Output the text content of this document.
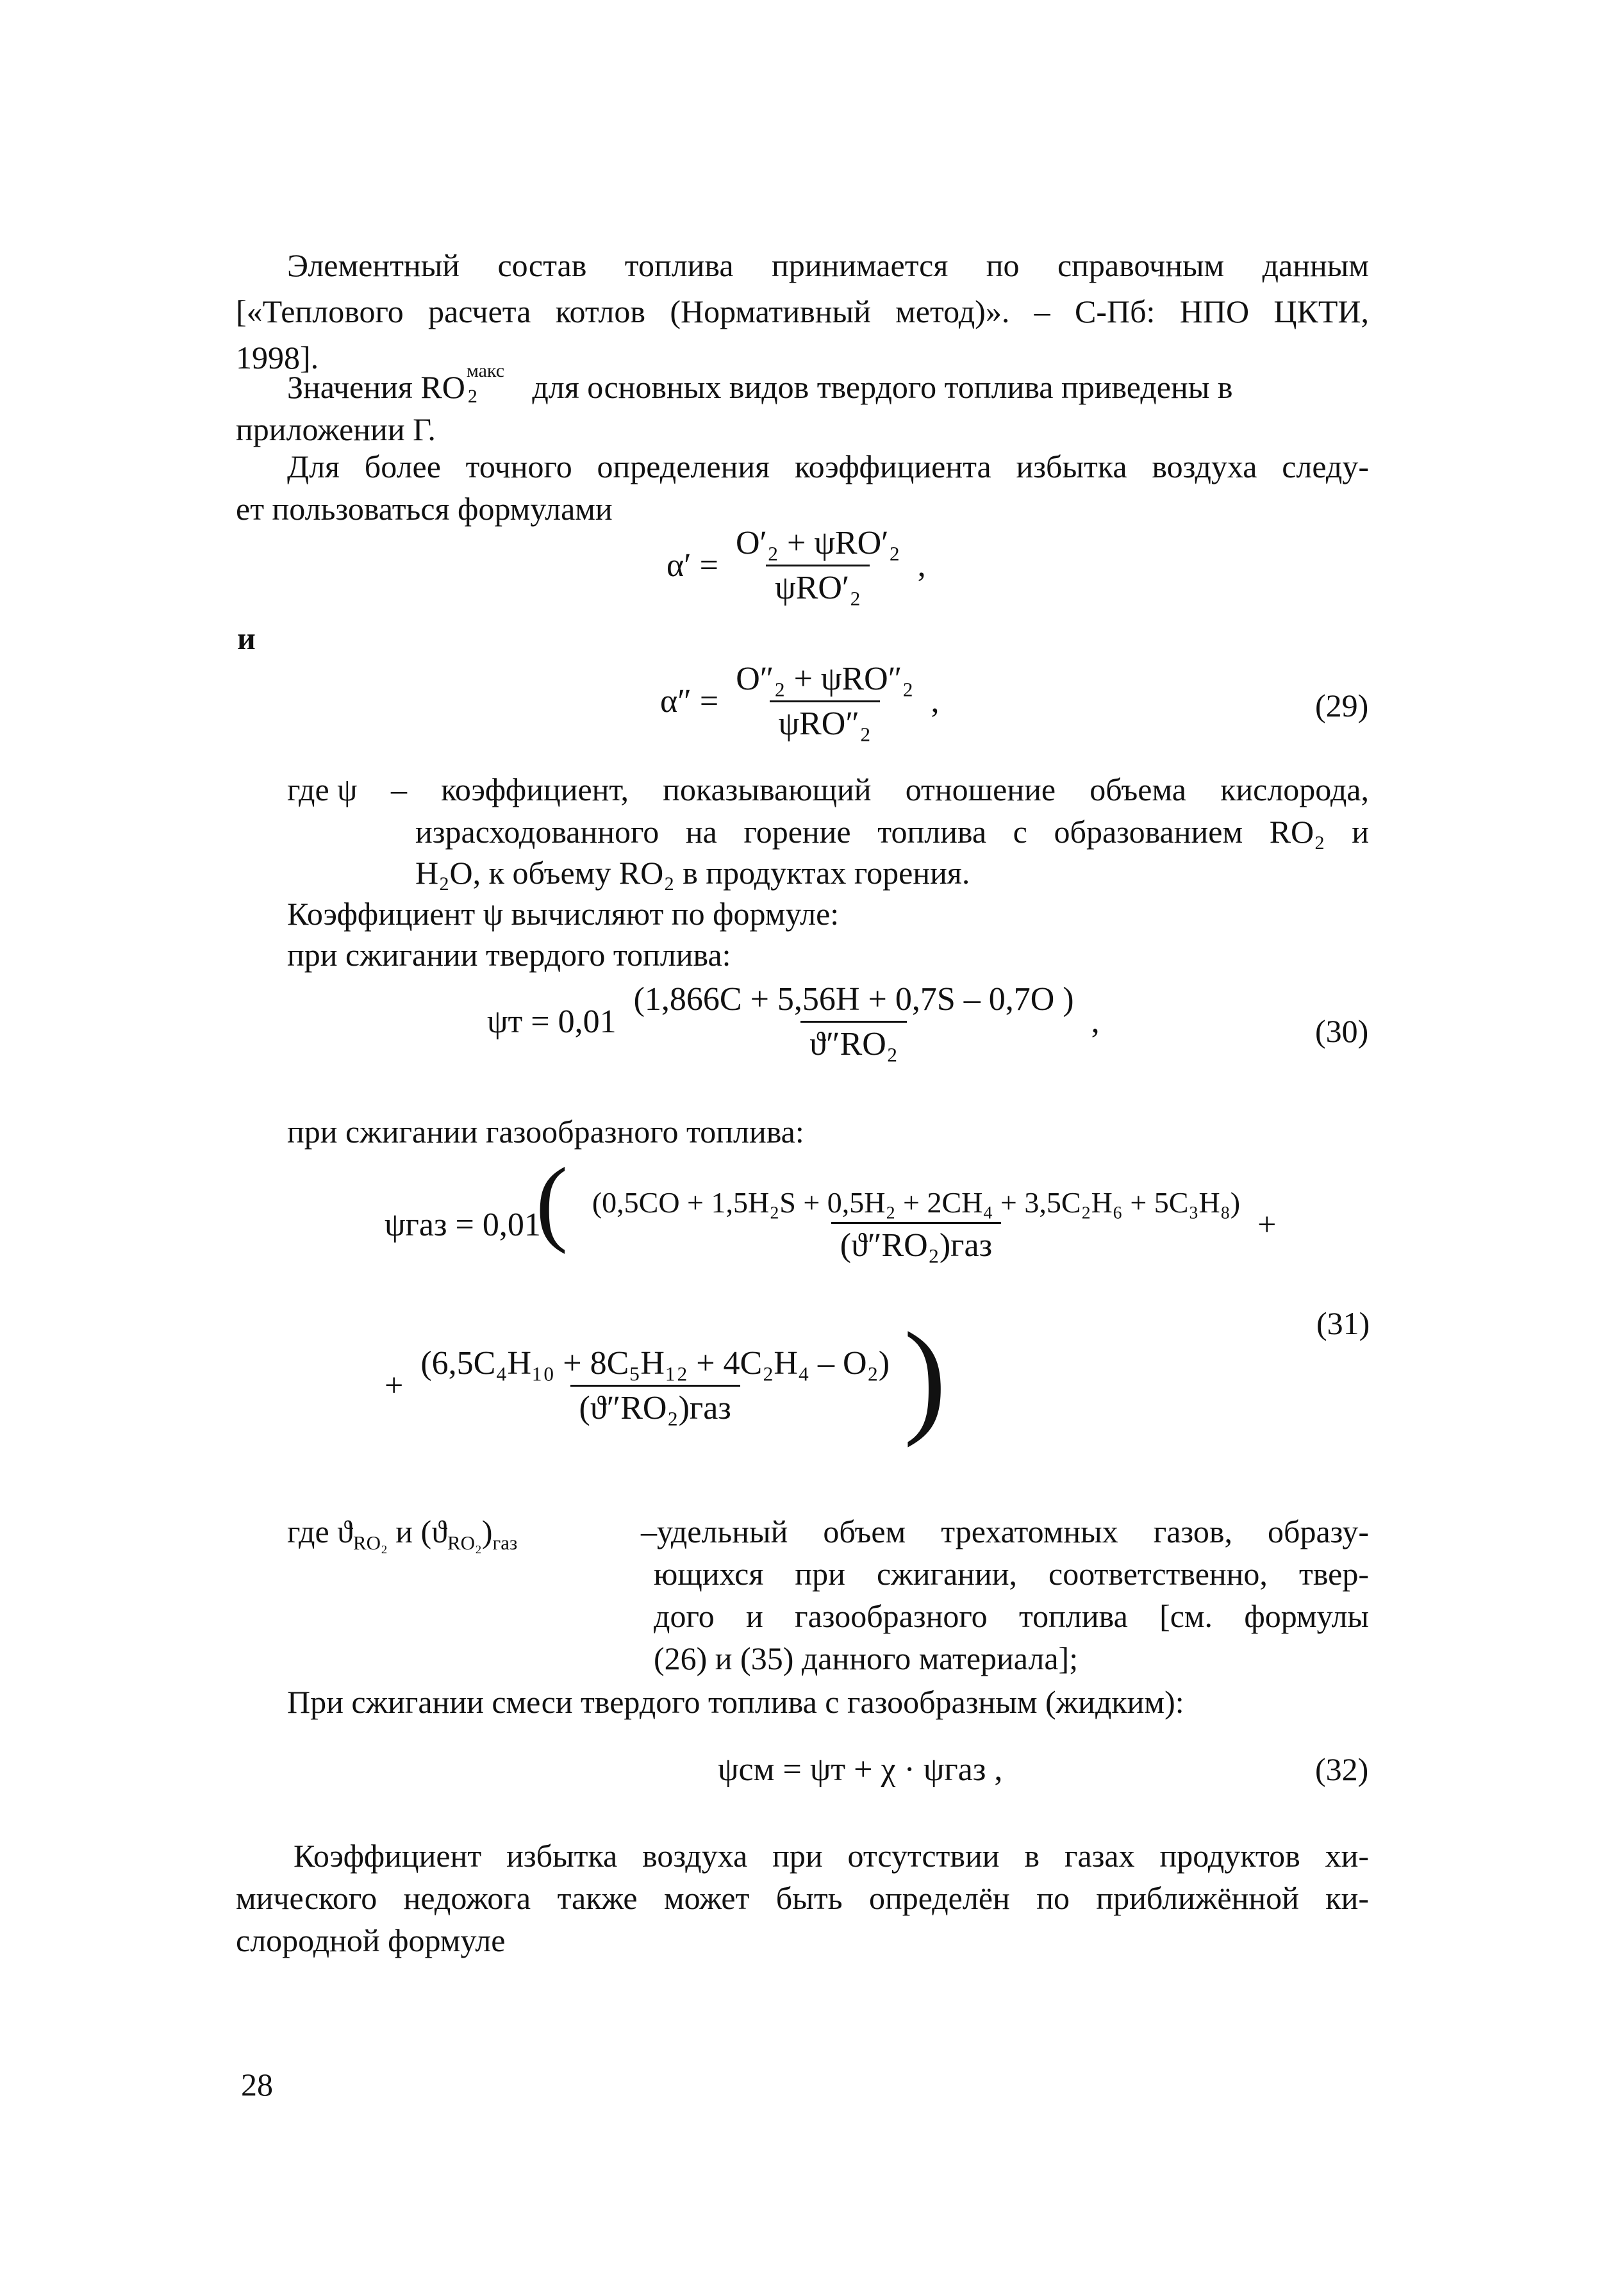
Элементный состав топлива принимается по справочным данным
[«Теплового расчета котлов (Нормативный метод)». – С-Пб: НПО ЦКТИ,
1998].
Значения RO макс
2 для основных видов твердого топлива приведены в
приложении Г.
Для более точного определения коэффициента избытка воздуха следу-
ет пользоваться формулами
$\alpha' = \frac{\text{O′₂ + ψRO′₂}}{\text{ψRO′₂}}$ ,
и
$\alpha'' = \frac{\text{O″₂ + ψRO″₂}}{\text{ψRO″₂}}$ ,	(29)
где ψ – коэффициент, показывающий отношение объема кислорода,
израсходованного на горение топлива с образованием RO₂ и
H₂O, к объему RO₂ в продуктах горения.
Коэффициент ψ вычисляют по формуле:
при сжигании твердого топлива:
$\psi т = 0,01 \frac{(1,866C + 5,56H + 0,7S - 0,7O )}{\text{ϑ″RO₂}}$ ,	(30)
при сжигании газообразного топлива:
(
$\psi газ = 0,01 \frac{\text{(0,5CO + 1,5H₂S + 0,5H₂ + 2CH₄ + 3,5C₂H₆ + 5C₃H₈)}}{\text{(ϑ″RO₂)газ}}$ +
)
+ $\frac{\text{(6,5C₄H₁₀ + 8C₅H₁₂ + 4C₂H₄ – O₂)}}{\text{(ϑ″RO₂)газ}}$
(31)
где $ϑ_{RO_2}$ и $(ϑ_{RO_2})_{газ}$	–удельный объем трехатомных газов, образу-
ющихся при сжигании, соответственно, твер-
дого и газообразного топлива [см. формулы
(26) и (35) данного материала];
При сжигании смеси твердого топлива с газообразным (жидким):
ψсм = ψт + χ · ψгаз ,	(32)
Коэффициент избытка воздуха при отсутствии в газах продуктов хи-
мического недожога также может быть определён по приближённой ки-
слородной формуле
28
